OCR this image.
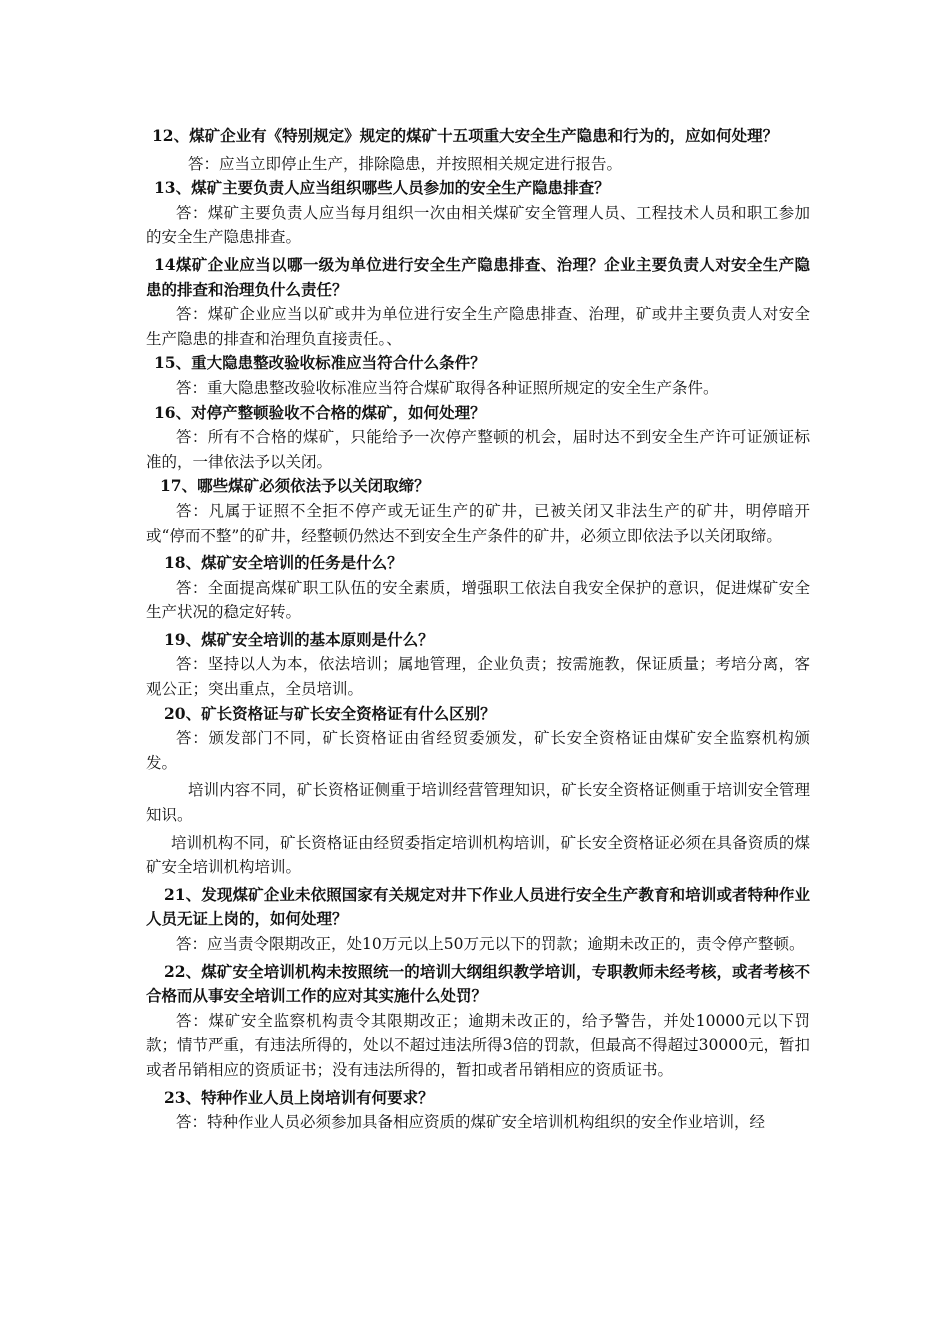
12、煤矿企业有《特别规定》规定的煤矿十五项重大安全生产隐患和行为的，应如何处理？

答：应当立即停止生产，排除隐患，并按照相关规定进行报告。

13、煤矿主要负责人应当组织哪些人员参加的安全生产隐患排查？

答：煤矿主要负责人应当每月组织一次由相关煤矿安全管理人员、工程技术人员和职工参加的安全生产隐患排查。

14煤矿企业应当以哪一级为单位进行安全生产隐患排查、治理？企业主要负责人对安全生产隐患的排查和治理负什么责任？

答：煤矿企业应当以矿或井为单位进行安全生产隐患排查、治理，矿或井主要负责人对安全生产隐患的排查和治理负直接责任。、

15、重大隐患整改验收标准应当符合什么条件？

答：重大隐患整改验收标准应当符合煤矿取得各种证照所规定的安全生产条件。

16、对停产整顿验收不合格的煤矿，如何处理？

答：所有不合格的煤矿，只能给予一次停产整顿的机会，届时达不到安全生产许可证颁证标准的，一律依法予以关闭。

17、哪些煤矿必须依法予以关闭取缔？

答：凡属于证照不全拒不停产或无证生产的矿井，已被关闭又非法生产的矿井，明停暗开或“停而不整”的矿井，经整顿仍然达不到安全生产条件的矿井，必须立即依法予以关闭取缔。

18、煤矿安全培训的任务是什么？

答：全面提高煤矿职工队伍的安全素质，增强职工依法自我安全保护的意识，促进煤矿安全生产状况的稳定好转。

19、煤矿安全培训的基本原则是什么？

答：坚持以人为本，依法培训；属地管理，企业负责；按需施教，保证质量；考培分离，客观公正；突出重点，全员培训。

20、矿长资格证与矿长安全资格证有什么区别？

答：颁发部门不同，矿长资格证由省经贸委颁发，矿长安全资格证由煤矿安全监察机构颁发。

培训内容不同，矿长资格证侧重于培训经营管理知识，矿长安全资格证侧重于培训安全管理知识。

培训机构不同，矿长资格证由经贸委指定培训机构培训，矿长安全资格证必须在具备资质的煤矿安全培训机构培训。

21、发现煤矿企业未依照国家有关规定对井下作业人员进行安全生产教育和培训或者特种作业人员无证上岗的，如何处理？

答：应当责令限期改正，处10万元以上50万元以下的罚款；逾期未改正的，责令停产整顿。

22、煤矿安全培训机构未按照统一的培训大纲组织教学培训，专职教师未经考核，或者考核不合格而从事安全培训工作的应对其实施什么处罚？

答：煤矿安全监察机构责令其限期改正；逾期未改正的，给予警告，并处10000元以下罚款；情节严重，有违法所得的，处以不超过违法所得3倍的罚款，但最高不得超过30000元，暂扣或者吊销相应的资质证书；没有违法所得的，暂扣或者吊销相应的资质证书。

23、特种作业人员上岗培训有何要求？

答：特种作业人员必须参加具备相应资质的煤矿安全培训机构组织的安全作业培训，经
